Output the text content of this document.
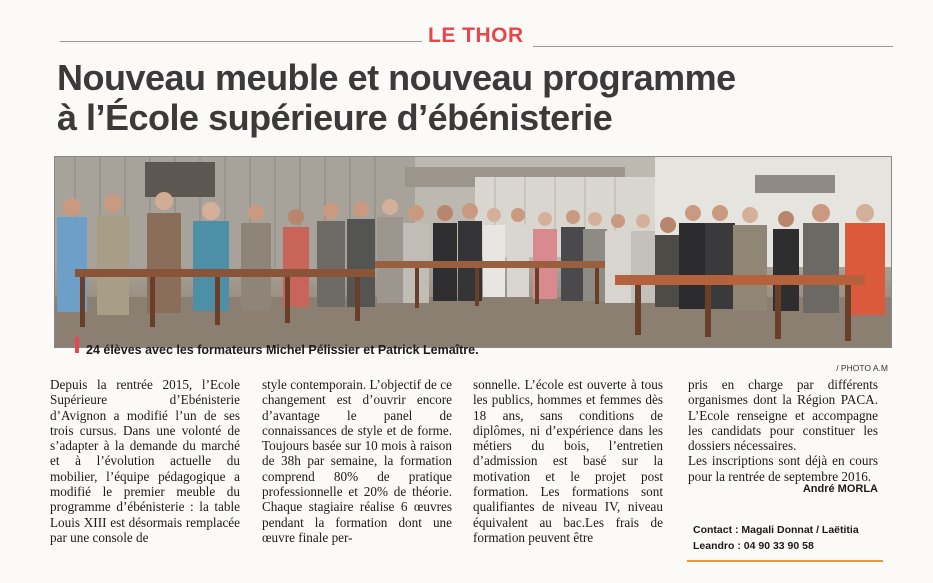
LE THOR
Nouveau meuble et nouveau programme
à l’École supérieure d’ébénisterie
24 élèves avec les formateurs Michel Pélissier et Patrick Lemaître.
/ PHOTO A.M
Depuis la rentrée 2015, l’Ecole Supérieure d’Ebénisterie d’Avignon a modifié l’un de ses trois cursus. Dans une volonté de s’adapter à la demande du marché et à l’évolution actuelle du mobilier, l’équipe pédagogique a modifié le premier meuble du programme d’ébénisterie : la table Louis XIII est désormais remplacée par une console de
style contemporain. L’objectif de ce changement est d’ouvrir encore d’avantage le panel de connaissances de style et de forme. Toujours basée sur 10 mois à raison de 38h par semaine, la formation comprend 80% de pratique professionnelle et 20% de théorie. Chaque stagiaire réalise 6 œuvres pendant la formation dont une œuvre finale per-
sonnelle. L’école est ouverte à tous les publics, hommes et femmes dès 18 ans, sans conditions de diplômes, ni d’expérience dans les métiers du bois, l’entretien d’admission est basé sur la motivation et le projet post formation. Les formations sont qualifiantes de niveau IV, niveau équivalent au bac.Les frais de formation peuvent être
pris en charge par différents organismes dont la Région PACA. L’Ecole renseigne et accompagne les candidats pour constituer les dossiers nécessaires.
Les inscriptions sont déjà en cours pour la rentrée de septembre 2016.
André MORLA
Contact : Magali Donnat / Laëtitia
Leandro : 04 90 33 90 58
